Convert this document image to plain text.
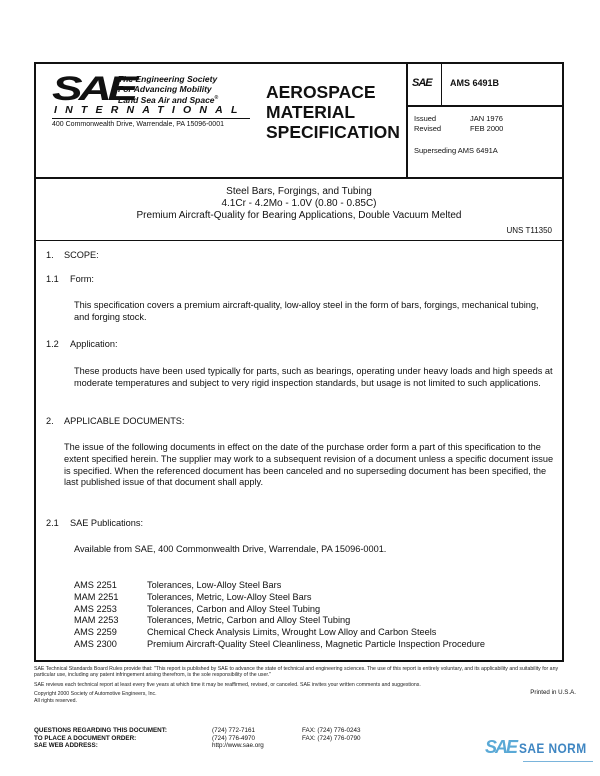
SAE
The Engineering Society
For Advancing Mobility
Land Sea Air and Space®
INTERNATIONAL
400 Commonwealth Drive, Warrendale, PA 15096-0001
AEROSPACE
MATERIAL
SPECIFICATION
SAE AMS 6491B
Issued	JAN 1976
Revised	FEB 2000
Superseding AMS 6491A
Steel Bars, Forgings, and Tubing
4.1Cr - 4.2Mo - 1.0V (0.80 - 0.85C)
Premium Aircraft-Quality for Bearing Applications, Double Vacuum Melted
UNS T11350
1. SCOPE:
1.1 Form:
This specification covers a premium aircraft-quality, low-alloy steel in the form of bars, forgings, mechanical tubing, and forging stock.
1.2 Application:
These products have been used typically for parts, such as bearings, operating under heavy loads and high speeds at moderate temperatures and subject to very rigid inspection standards, but usage is not limited to such applications.
2. APPLICABLE DOCUMENTS:
The issue of the following documents in effect on the date of the purchase order form a part of this specification to the extent specified herein. The supplier may work to a subsequent revision of a document unless a specific document issue is specified. When the referenced document has been canceled and no superseding document has been specified, the last published issue of that document shall apply.
2.1 SAE Publications:
Available from SAE, 400 Commonwealth Drive, Warrendale, PA 15096-0001.
AMS 2251	Tolerances, Low-Alloy Steel Bars
MAM 2251	Tolerances, Metric, Low-Alloy Steel Bars
AMS 2253	Tolerances, Carbon and Alloy Steel Tubing
MAM 2253	Tolerances, Metric, Carbon and Alloy Steel Tubing
AMS 2259	Chemical Check Analysis Limits, Wrought Low Alloy and Carbon Steels
AMS 2300	Premium Aircraft-Quality Steel Cleanliness, Magnetic Particle Inspection Procedure

SAE Technical Standards Board Rules provide that: "This report is published by SAE to advance the state of technical and engineering sciences. The use of this report is entirely voluntary, and its applicability and suitability for any particular use, including any patent infringement arising therefrom, is the sole responsibility of the user."

SAE reviews each technical report at least every five years at which time it may be reaffirmed, revised, or canceled. SAE invites your written comments and suggestions.

Copyright 2000 Society of Automotive Engineers, Inc.
All rights reserved.
Printed in U.S.A.
QUESTIONS REGARDING THIS DOCUMENT:	(724) 772-7161	FAX: (724) 776-0243
TO PLACE A DOCUMENT ORDER:	(724) 776-4970	FAX: (724) 776-0790
SAE WEB ADDRESS:	http://www.sae.org	SAE SAE NORM
